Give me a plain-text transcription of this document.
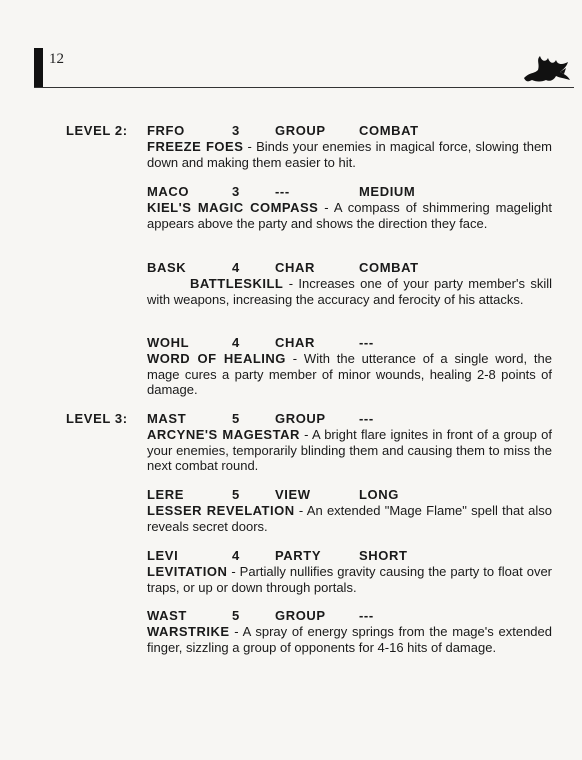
12
LEVEL 2: FRFO	3	GROUP	COMBAT
FREEZE FOES - Binds your enemies in magical force, slowing them down and making them easier to hit.
MACO	3	---	MEDIUM
KIEL'S MAGIC COMPASS - A compass of shimmering magelight appears above the party and shows the direction they face.
BASK	4	CHAR	COMBAT
BATTLESKILL - Increases one of your party member's skill with weapons, increasing the accuracy and ferocity of his attacks.
WOHL	4	CHAR	---
WORD OF HEALING - With the utterance of a single word, the mage cures a party member of minor wounds, healing 2-8 points of damage.
LEVEL 3: MAST	5	GROUP	---
ARCYNE'S MAGESTAR - A bright flare ignites in front of a group of your enemies, temporarily blinding them and causing them to miss the next combat round.
LERE	5	VIEW	LONG
LESSER REVELATION - An extended "Mage Flame" spell that also reveals secret doors.
LEVI	4	PARTY	SHORT
LEVITATION - Partially nullifies gravity causing the party to float over traps, or up or down through portals.
WAST	5	GROUP	---
WARSTRIKE - A spray of energy springs from the mage's extended finger, sizzling a group of opponents for 4-16 hits of damage.
